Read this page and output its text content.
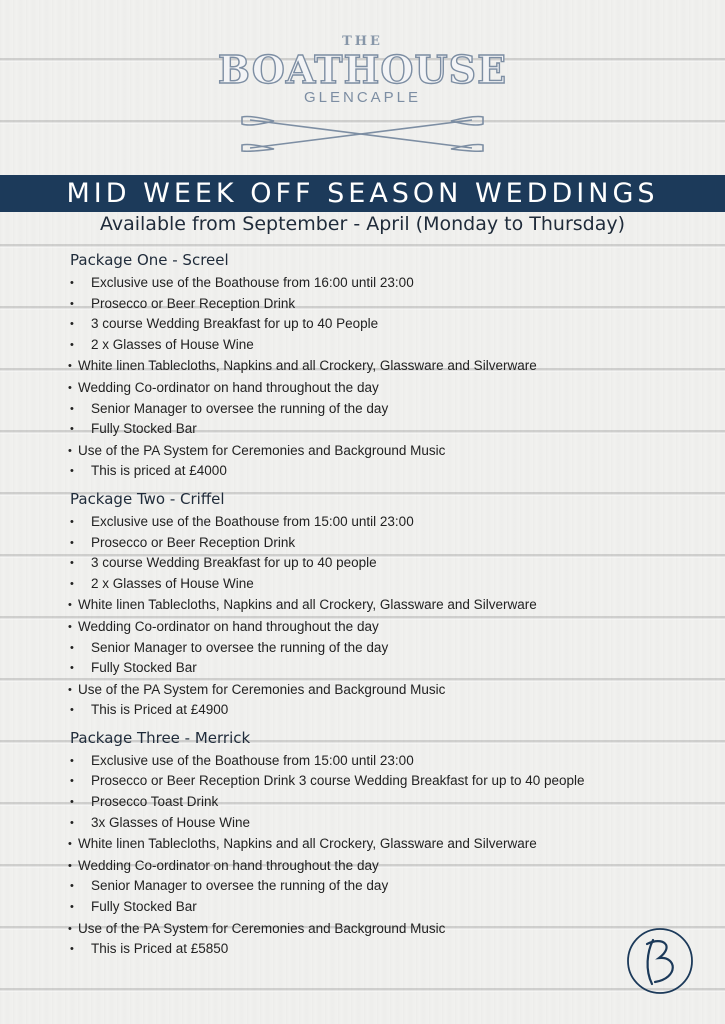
THE
BOATHOUSE
GLENCAPLE
MID WEEK OFF SEASON WEDDINGS
Available from September - April (Monday to Thursday)
Package One - Screel
• Exclusive use of the Boathouse from 16:00 until 23:00
• Prosecco or Beer Reception Drink
• 3 course Wedding Breakfast for up to 40 People
• 2 x Glasses of House Wine
• White linen Tablecloths, Napkins and all Crockery, Glassware and Silverware
• Wedding Co-ordinator on hand throughout the day
• Senior Manager to oversee the running of the day
• Fully Stocked Bar
• Use of the PA System for Ceremonies and Background Music
• This is priced at £4000
Package Two - Criffel
• Exclusive use of the Boathouse from 15:00 until 23:00
• Prosecco or Beer Reception Drink
• 3 course Wedding Breakfast for up to 40 people
• 2 x Glasses of House Wine
• White linen Tablecloths, Napkins and all Crockery, Glassware and Silverware
• Wedding Co-ordinator on hand throughout the day
• Senior Manager to oversee the running of the day
• Fully Stocked Bar
• Use of the PA System for Ceremonies and Background Music
• This is Priced at £4900
Package Three - Merrick
• Exclusive use of the Boathouse from 15:00 until 23:00
• Prosecco or Beer Reception Drink 3 course Wedding Breakfast for up to 40 people
• Prosecco Toast Drink
• 3x Glasses of House Wine
• White linen Tablecloths, Napkins and all Crockery, Glassware and Silverware
• Wedding Co-ordinator on hand throughout the day
• Senior Manager to oversee the running of the day
• Fully Stocked Bar
• Use of the PA System for Ceremonies and Background Music
• This is Priced at £5850
